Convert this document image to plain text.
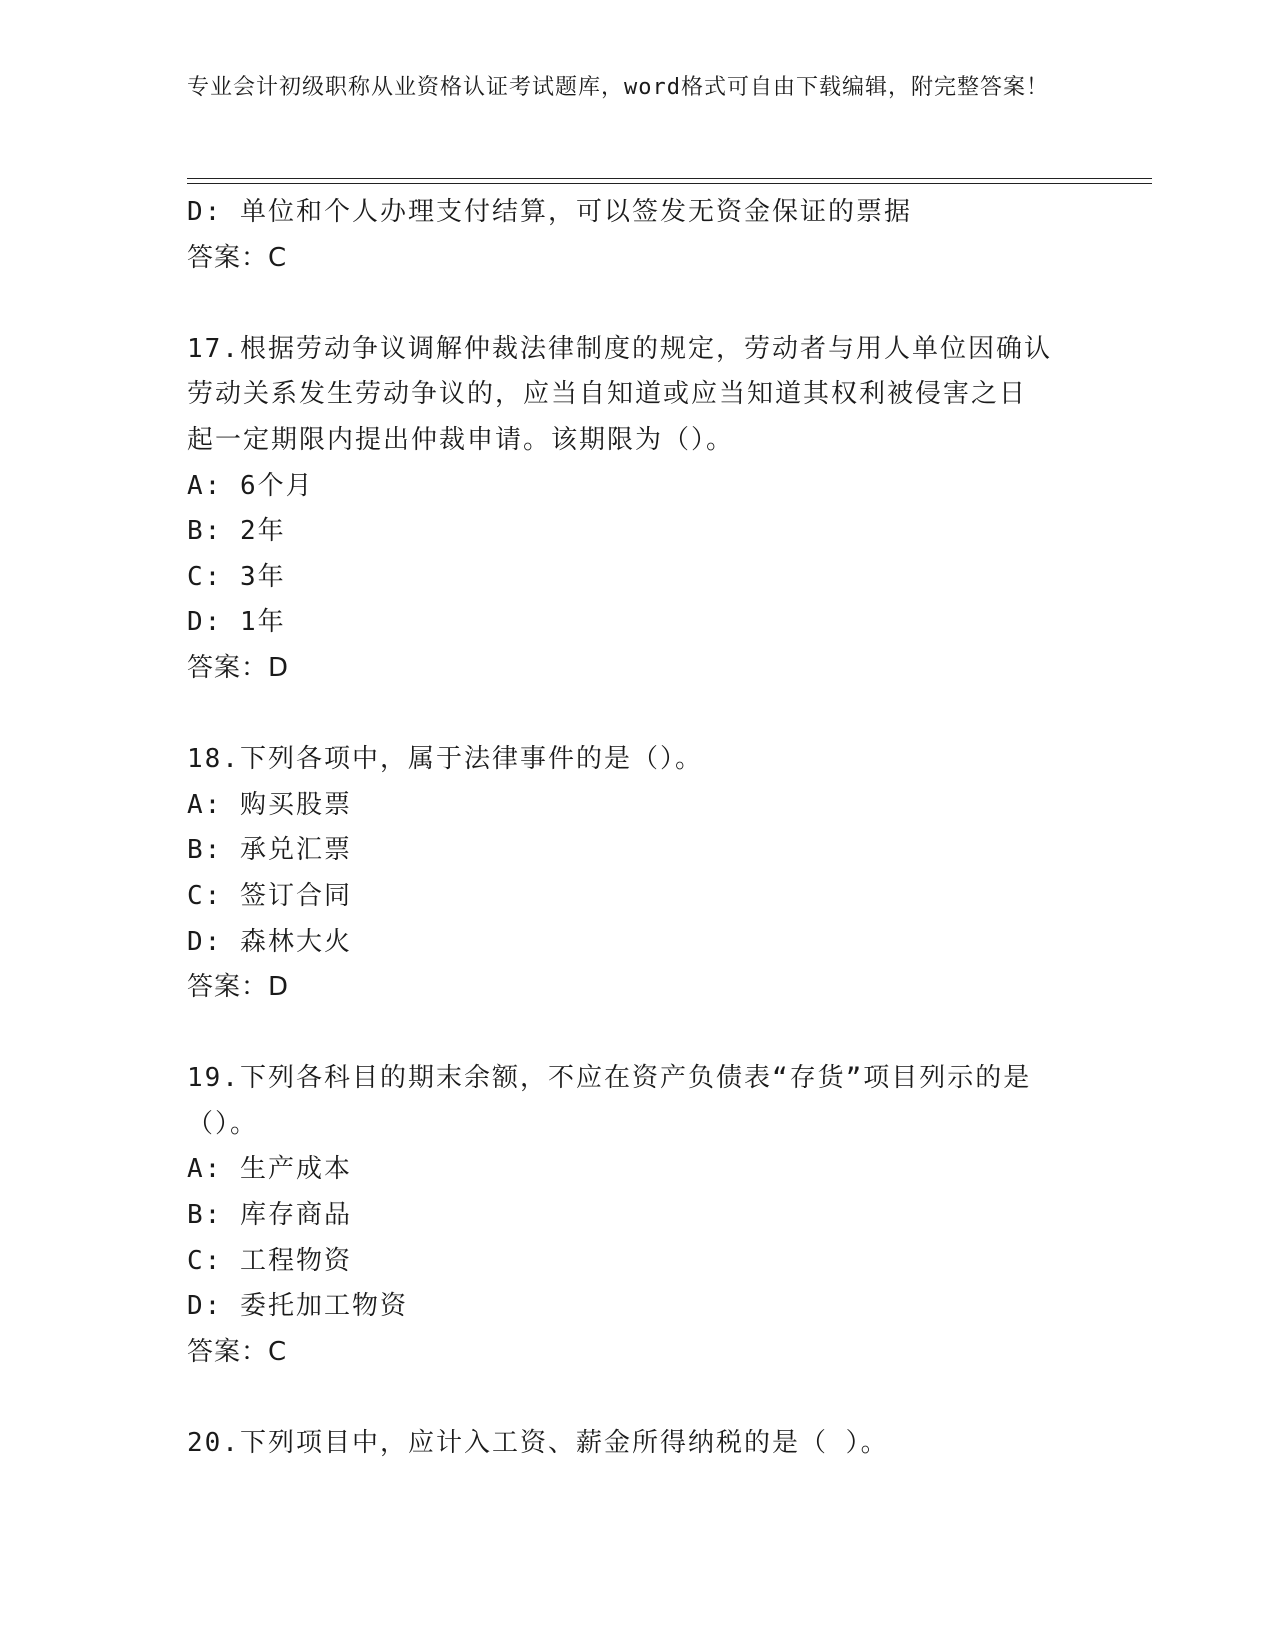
专业会计初级职称从业资格认证考试题库，word格式可自由下载编辑，附完整答案！
D: 单位和个人办理支付结算，可以签发无资金保证的票据
答案：C
17.根据劳动争议调解仲裁法律制度的规定，劳动者与用人单位因确认
劳动关系发生劳动争议的，应当自知道或应当知道其权利被侵害之日
起一定期限内提出仲裁申请。该期限为（）。
A: 6个月
B: 2年
C: 3年
D: 1年
答案：D
18.下列各项中，属于法律事件的是（）。
A: 购买股票
B: 承兑汇票
C: 签订合同
D: 森林大火
答案：D
19.下列各科目的期末余额，不应在资产负债表“存货”项目列示的是
（）。
A: 生产成本
B: 库存商品
C: 工程物资
D: 委托加工物资
答案：C
20.下列项目中，应计入工资、薪金所得纳税的是（ ）。
